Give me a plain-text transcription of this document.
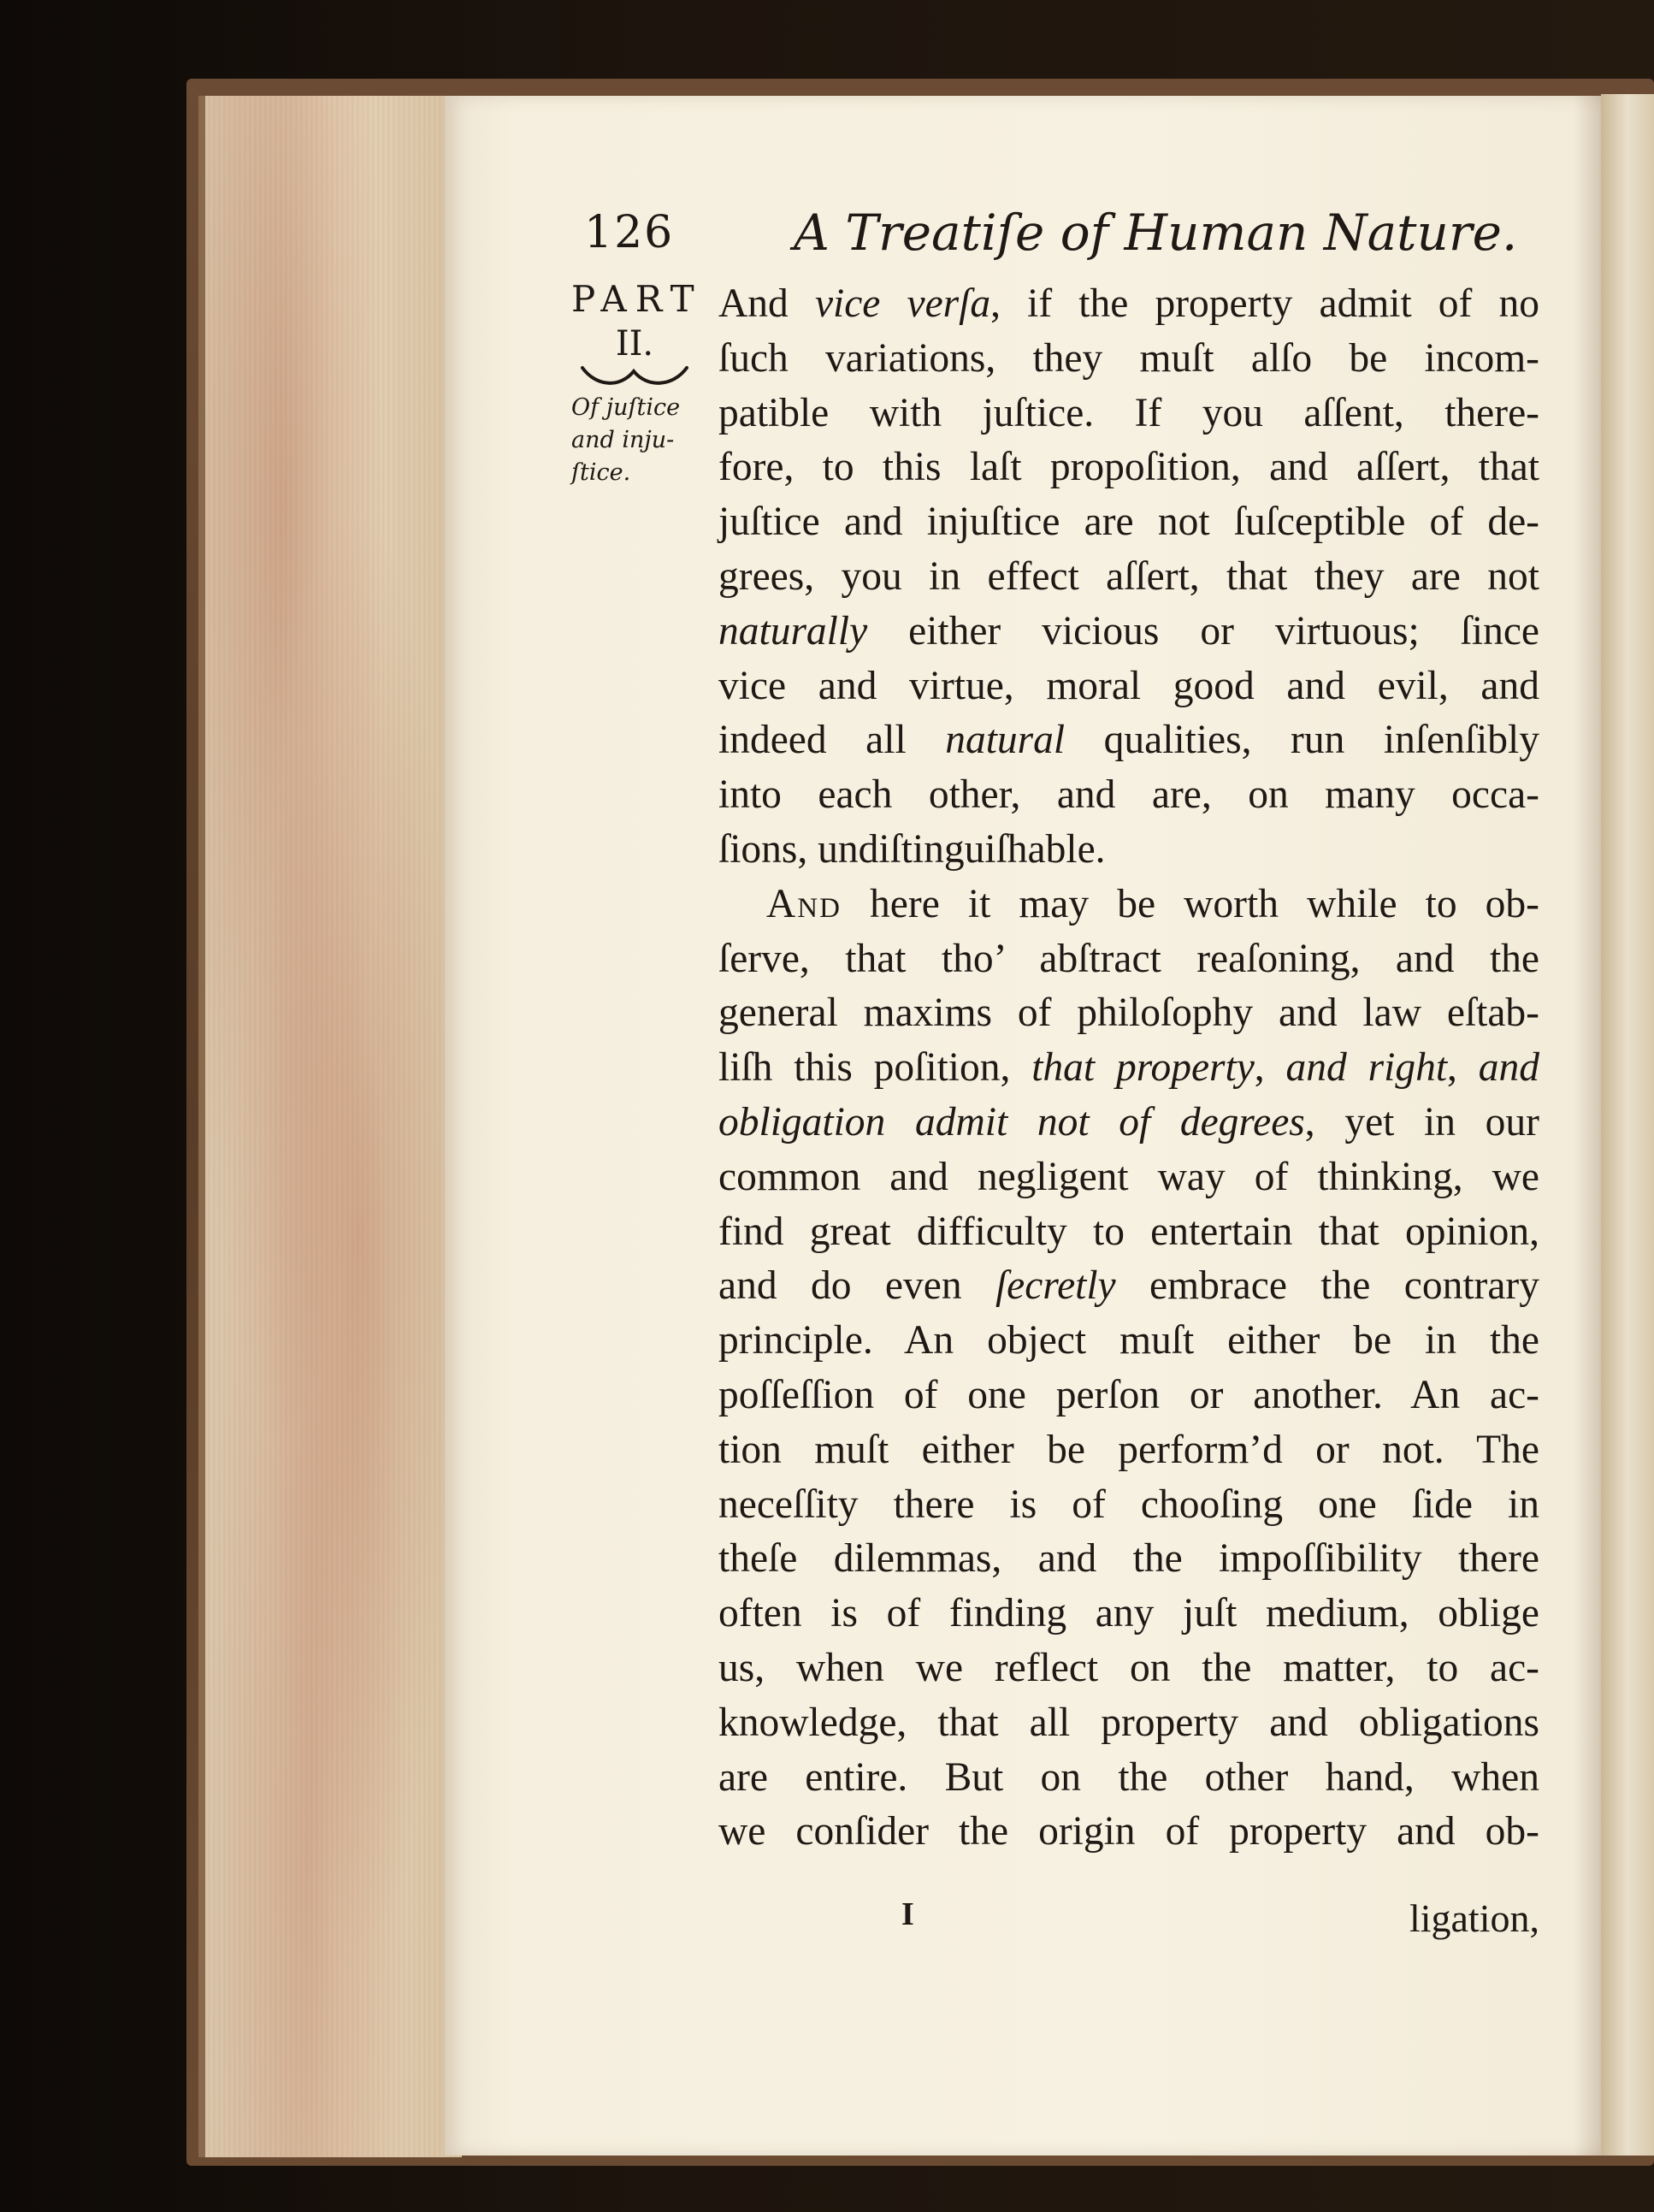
126 A Treatiſe of Human Nature.
PART
II.
Of juſtice
and inju-
ſtice.
And vice verſa, if the property admit of no
ſuch variations, they muſt alſo be incom-
patible with juſtice. If you aſſent, there-
fore, to this laſt propoſition, and aſſert, that
juſtice and injuſtice are not ſuſceptible of de-
grees, you in effect aſſert, that they are not
naturally either vicious or virtuous; ſince
vice and virtue, moral good and evil, and
indeed all natural qualities, run inſenſibly
into each other, and are, on many occa-
ſions, undiſtinguiſhable.
And here it may be worth while to ob-
ſerve, that tho’ abſtract reaſoning, and the
general maxims of philoſophy and law eſtab-
liſh this poſition, that property, and right, and
obligation admit not of degrees, yet in our
common and negligent way of thinking, we
find great difficulty to entertain that opinion,
and do even ſecretly embrace the contrary
principle. An object muſt either be in the
poſſeſſion of one perſon or another. An ac-
tion muſt either be perform’d or not. The
neceſſity there is of chooſing one ſide in
theſe dilemmas, and the impoſſibility there
often is of finding any juſt medium, oblige
us, when we reflect on the matter, to ac-
knowledge, that all property and obligations
are entire. But on the other hand, when
we conſider the origin of property and ob-
I	ligation,
